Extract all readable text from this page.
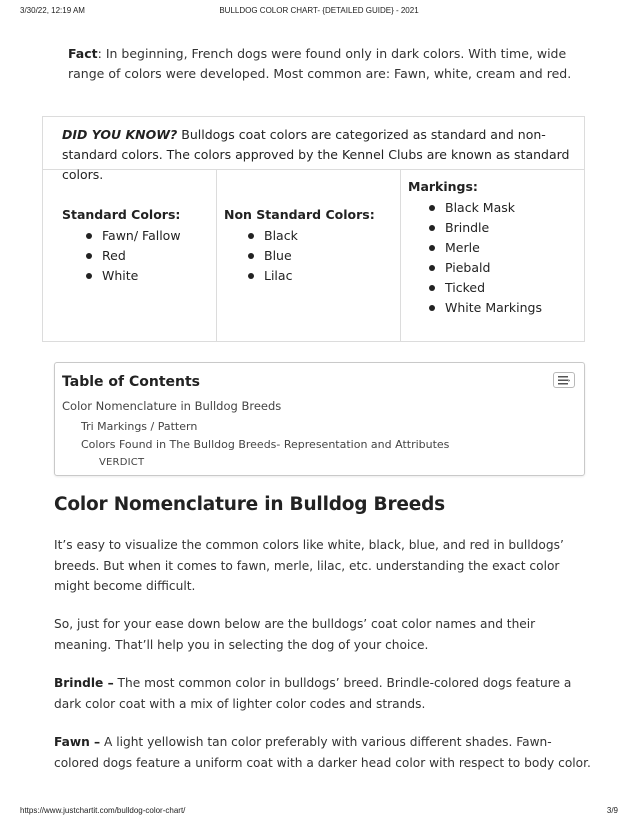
3/30/22, 12:19 AM	BULLDOG COLOR CHART- {DETAILED GUIDE} - 2021
Fact: In beginning, French dogs were found only in dark colors. With time, wide range of colors were developed. Most common are: Fawn, white, cream and red.
DID YOU KNOW? Bulldogs coat colors are categorized as standard and non-standard colors. The colors approved by the Kennel Clubs are known as standard colors.
Standard Colors:
Fawn/ Fallow
Red
White
Non Standard Colors:
Black
Blue
Lilac
Markings:
Black Mask
Brindle
Merle
Piebald
Ticked
White Markings
Table of Contents
Color Nomenclature in Bulldog Breeds
Tri Markings / Pattern
Colors Found in The Bulldog Breeds- Representation and Attributes
VERDICT
Color Nomenclature in Bulldog Breeds
It’s easy to visualize the common colors like white, black, blue, and red in bulldogs’ breeds. But when it comes to fawn, merle, lilac, etc. understanding the exact color might become difficult.
So, just for your ease down below are the bulldogs’ coat color names and their meaning. That’ll help you in selecting the dog of your choice.
Brindle – The most common color in bulldogs’ breed. Brindle-colored dogs feature a dark color coat with a mix of lighter color codes and strands.
Fawn – A light yellowish tan color preferably with various different shades. Fawn-colored dogs feature a uniform coat with a darker head color with respect to body color.
https://www.justchartit.com/bulldog-color-chart/	3/9
